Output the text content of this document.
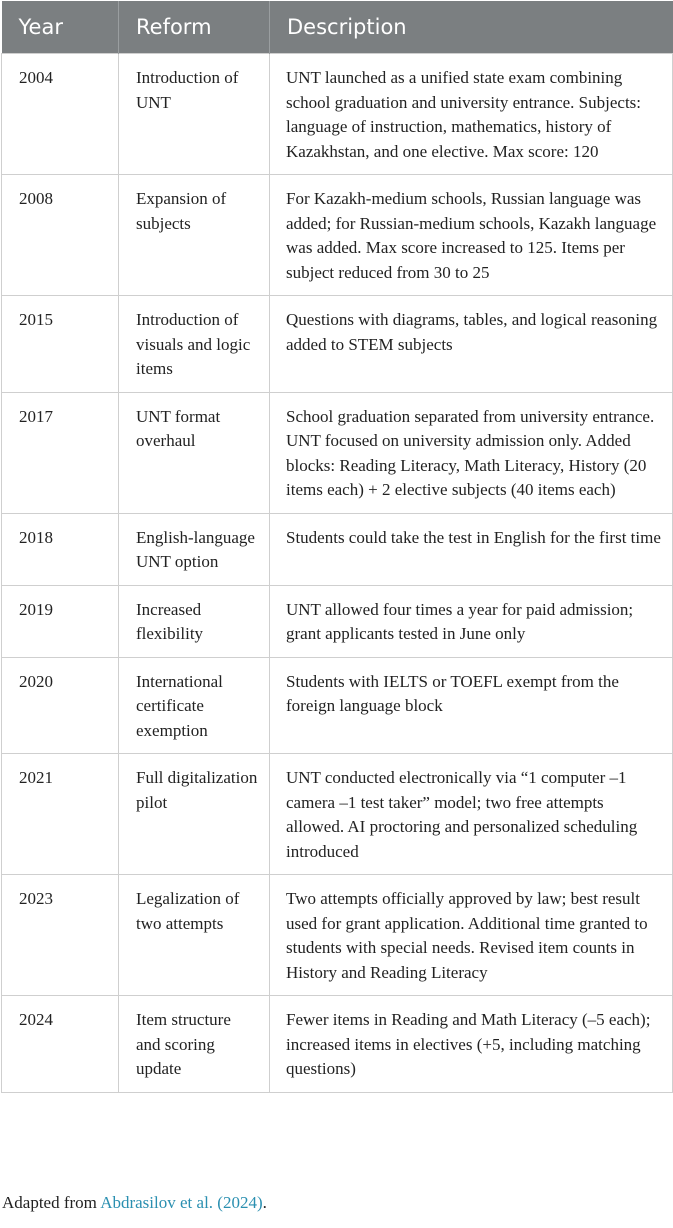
Year	Reform	Description
2004	Introduction of UNT	UNT launched as a unified state exam combining school graduation and university entrance. Subjects: language of instruction, mathematics, history of Kazakhstan, and one elective. Max score: 120
2008	Expansion of subjects	For Kazakh-medium schools, Russian language was added; for Russian-medium schools, Kazakh language was added. Max score increased to 125. Items per subject reduced from 30 to 25
2015	Introduction of visuals and logic items	Questions with diagrams, tables, and logical reasoning added to STEM subjects
2017	UNT format overhaul	School graduation separated from university entrance. UNT focused on university admission only. Added blocks: Reading Literacy, Math Literacy, History (20 items each) + 2 elective subjects (40 items each)
2018	English-language UNT option	Students could take the test in English for the first time
2019	Increased flexibility	UNT allowed four times a year for paid admission; grant applicants tested in June only
2020	International certificate exemption	Students with IELTS or TOEFL exempt from the foreign language block
2021	Full digitalization pilot	UNT conducted electronically via “1 computer –1 camera –1 test taker” model; two free attempts allowed. AI proctoring and personalized scheduling introduced
2023	Legalization of two attempts	Two attempts officially approved by law; best result used for grant application. Additional time granted to students with special needs. Revised item counts in History and Reading Literacy
2024	Item structure and scoring update	Fewer items in Reading and Math Literacy (–5 each); increased items in electives (+5, including matching questions)
Adapted from Abdrasilov et al. (2024).
